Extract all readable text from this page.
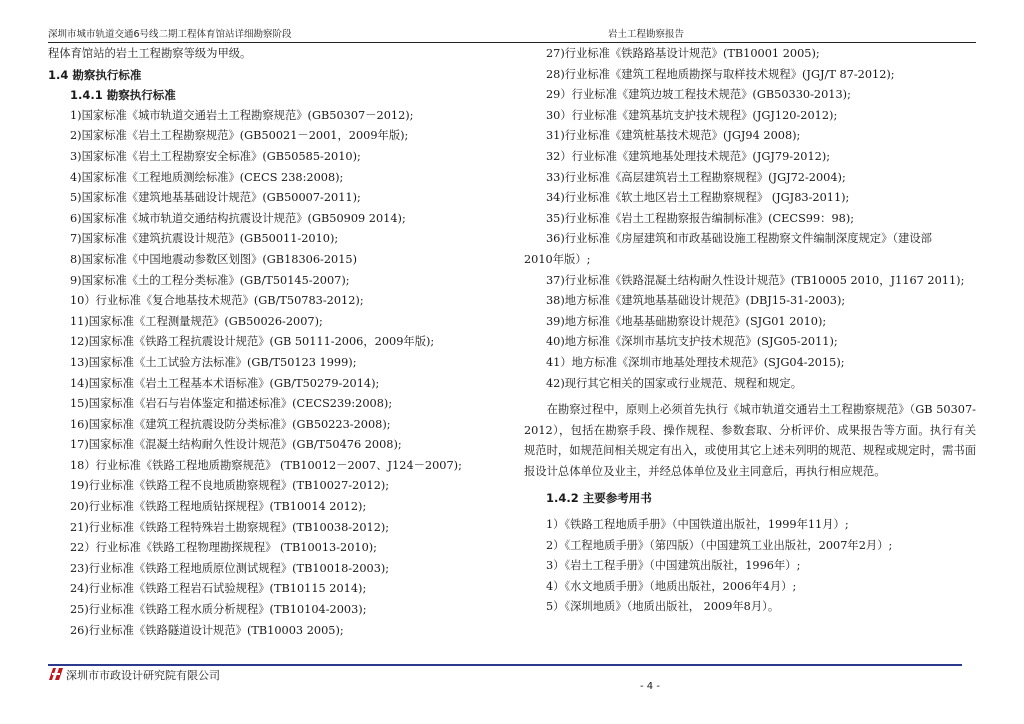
深圳市城市轨道交通6号线二期工程体育馆站详细勘察阶段	岩土工程勘察报告
程体育馆站的岩土工程勘察等级为甲级。
1.4 勘察执行标准
1.4.1 勘察执行标准
1)国家标准《城市轨道交通岩土工程勘察规范》(GB50307－2012);
2)国家标准《岩土工程勘察规范》(GB50021－2001，2009年版);
3)国家标准《岩土工程勘察安全标准》(GB50585-2010);
4)国家标准《工程地质测绘标准》(CECS 238:2008);
5)国家标准《建筑地基基础设计规范》(GB50007-2011);
6)国家标准《城市轨道交通结构抗震设计规范》(GB50909 2014);
7)国家标准《建筑抗震设计规范》(GB50011-2010);
8)国家标准《中国地震动参数区划图》(GB18306-2015)
9)国家标准《土的工程分类标准》(GB/T50145-2007);
10）行业标准《复合地基技术规范》(GB/T50783-2012);
11)国家标准《工程测量规范》(GB50026-2007);
12)国家标准《铁路工程抗震设计规范》(GB 50111-2006，2009年版);
13)国家标准《土工试验方法标准》(GB/T50123 1999);
14)国家标准《岩土工程基本术语标准》(GB/T50279-2014);
15)国家标准《岩石与岩体鉴定和描述标准》(CECS239:2008);
16)国家标准《建筑工程抗震设防分类标准》(GB50223-2008);
17)国家标准《混凝土结构耐久性设计规范》(GB/T50476 2008);
18）行业标准《铁路工程地质勘察规范》 (TB10012－2007、J124－2007);
19)行业标准《铁路工程不良地质勘察规程》(TB10027-2012);
20)行业标准《铁路工程地质钻探规程》(TB10014 2012);
21)行业标准《铁路工程特殊岩土勘察规程》(TB10038-2012);
22）行业标准《铁路工程物理勘探规程》 (TB10013-2010);
23)行业标准《铁路工程地质原位测试规程》(TB10018-2003);
24)行业标准《铁路工程岩石试验规程》(TB10115 2014);
25)行业标准《铁路工程水质分析规程》(TB10104-2003);
26)行业标准《铁路隧道设计规范》(TB10003 2005);
27)行业标准《铁路路基设计规范》(TB10001 2005);
28)行业标准《建筑工程地质勘探与取样技术规程》(JGJ/T 87-2012);
29）行业标准《建筑边坡工程技术规范》(GB50330-2013);
30）行业标准《建筑基坑支护技术规程》(JGJ120-2012);
31)行业标准《建筑桩基技术规范》(JGJ94 2008);
32）行业标准《建筑地基处理技术规范》(JGJ79-2012);
33)行业标准《高层建筑岩土工程勘察规程》(JGJ72-2004);
34)行业标准《软土地区岩土工程勘察规程》 (JGJ83-2011);
35)行业标准《岩土工程勘察报告编制标准》(CECS99：98);
36)行业标准《房屋建筑和市政基础设施工程勘察文件编制深度规定》（建设部
2010年版）;
37)行业标准《铁路混凝土结构耐久性设计规范》(TB10005 2010，J1167 2011);
38)地方标准《建筑地基基础设计规范》(DBJ15-31-2003);
39)地方标准《地基基础勘察设计规范》(SJG01 2010);
40)地方标准《深圳市基坑支护技术规范》(SJG05-2011);
41）地方标准《深圳市地基处理技术规范》(SJG04-2015);
42)现行其它相关的国家或行业规范、规程和规定。

在勘察过程中，原则上必须首先执行《城市轨道交通岩土工程勘察规范》（GB 50307-2012），包括在勘察手段、操作规程、参数套取、分析评价、成果报告等方面。执行有关规范时，如规范间相关规定有出入，或使用其它上述未列明的规范、规程或规定时，需书面报设计总体单位及业主，并经总体单位及业主同意后，再执行相应规范。

1.4.2 主要参考用书
1）《铁路工程地质手册》（中国铁道出版社，1999年11月）;
2）《工程地质手册》（第四版）（中国建筑工业出版社，2007年2月）;
3）《岩土工程手册》（中国建筑出版社，1996年）;
4）《水文地质手册》（地质出版社，2006年4月）;
5）《深圳地质》（地质出版社， 2009年8月）。
深圳市市政设计研究院有限公司
- 4 -
